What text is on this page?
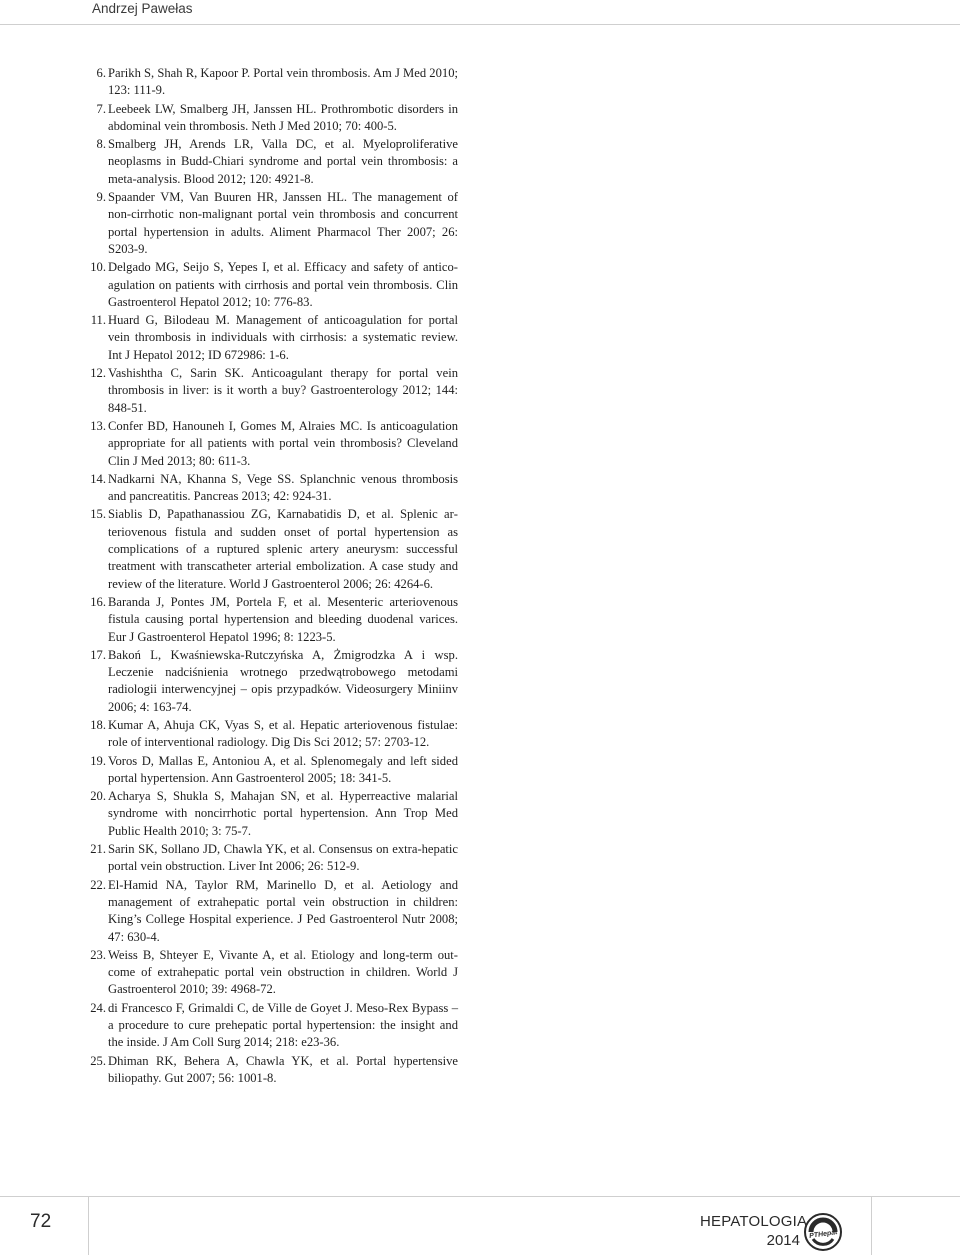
Andrzej Pawełas
6. Parikh S, Shah R, Kapoor P. Portal vein thrombosis. Am J Med 2010; 123: 111-9.
7. Leebeek LW, Smalberg JH, Janssen HL. Prothrombotic disorders in abdominal vein thrombosis. Neth J Med 2010; 70: 400-5.
8. Smalberg JH, Arends LR, Valla DC, et al. Myeloproliferative neoplasms in Budd-Chiari syndrome and portal vein thrombosis: a meta-analysis. Blood 2012; 120: 4921-8.
9. Spaander VM, Van Buuren HR, Janssen HL. The management of non-cirrhotic non-malignant portal vein thrombosis and concurrent portal hypertension in adults. Aliment Pharmacol Ther 2007; 26: S203-9.
10. Delgado MG, Seijo S, Yepes I, et al. Efficacy and safety of anticoagulation on patients with cirrhosis and portal vein thrombosis. Clin Gastroenterol Hepatol 2012; 10: 776-83.
11. Huard G, Bilodeau M. Management of anticoagulation for portal vein thrombosis in individuals with cirrhosis: a systematic review. Int J Hepatol 2012; ID 672986: 1-6.
12. Vashishtha C, Sarin SK. Anticoagulant therapy for portal vein thrombosis in liver: is it worth a buy? Gastroenterology 2012; 144: 848-51.
13. Confer BD, Hanouneh I, Gomes M, Alraies MC. Is anticoagulation appropriate for all patients with portal vein thrombosis? Cleveland Clin J Med 2013; 80: 611-3.
14. Nadkarni NA, Khanna S, Vege SS. Splanchnic venous thrombosis and pancreatitis. Pancreas 2013; 42: 924-31.
15. Siablis D, Papathanassiou ZG, Karnabatidis D, et al. Splenic arteriovenous fistula and sudden onset of portal hypertension as complications of a ruptured splenic artery aneurysm: successful treatment with transcatheter arterial embolization. A case study and review of the literature. World J Gastroenterol 2006; 26: 4264-6.
16. Baranda J, Pontes JM, Portela F, et al. Mesenteric arteriovenous fistula causing portal hypertension and bleeding duodenal varices. Eur J Gastroenterol Hepatol 1996; 8: 1223-5.
17. Bakoń L, Kwaśniewska-Rutczyńska A, Żmigrodzka A i wsp. Leczenie nadciśnienia wrotnego przedwątrobowego metodami radiologii interwencyjnej – opis przypadków. Videosurgery Miniinv 2006; 4: 163-74.
18. Kumar A, Ahuja CK, Vyas S, et al. Hepatic arteriovenous fistulae: role of interventional radiology. Dig Dis Sci 2012; 57: 2703-12.
19. Voros D, Mallas E, Antoniou A, et al. Splenomegaly and left sided portal hypertension. Ann Gastroenterol 2005; 18: 341-5.
20. Acharya S, Shukla S, Mahajan SN, et al. Hyperreactive malarial syndrome with noncirrhotic portal hypertension. Ann Trop Med Public Health 2010; 3: 75-7.
21. Sarin SK, Sollano JD, Chawla YK, et al. Consensus on extra-hepatic portal vein obstruction. Liver Int 2006; 26: 512-9.
22. El-Hamid NA, Taylor RM, Marinello D, et al. Aetiology and management of extrahepatic portal vein obstruction in children: King’s College Hospital experience. J Ped Gastroenterol Nutr 2008; 47: 630-4.
23. Weiss B, Shteyer E, Vivante A, et al. Etiology and long-term outcome of extrahepatic portal vein obstruction in children. World J Gastroenterol 2010; 39: 4968-72.
24. di Francesco F, Grimaldi C, de Ville de Goyet J. Meso-Rex Bypass – a procedure to cure prehepatic portal hypertension: the insight and the inside. J Am Coll Surg 2014; 218: e23-36.
25. Dhiman RK, Behera A, Chawla YK, et al. Portal hypertensive biliopathy. Gut 2007; 56: 1001-8.
72	HEPATOLOGIA
2014 PTHepat
